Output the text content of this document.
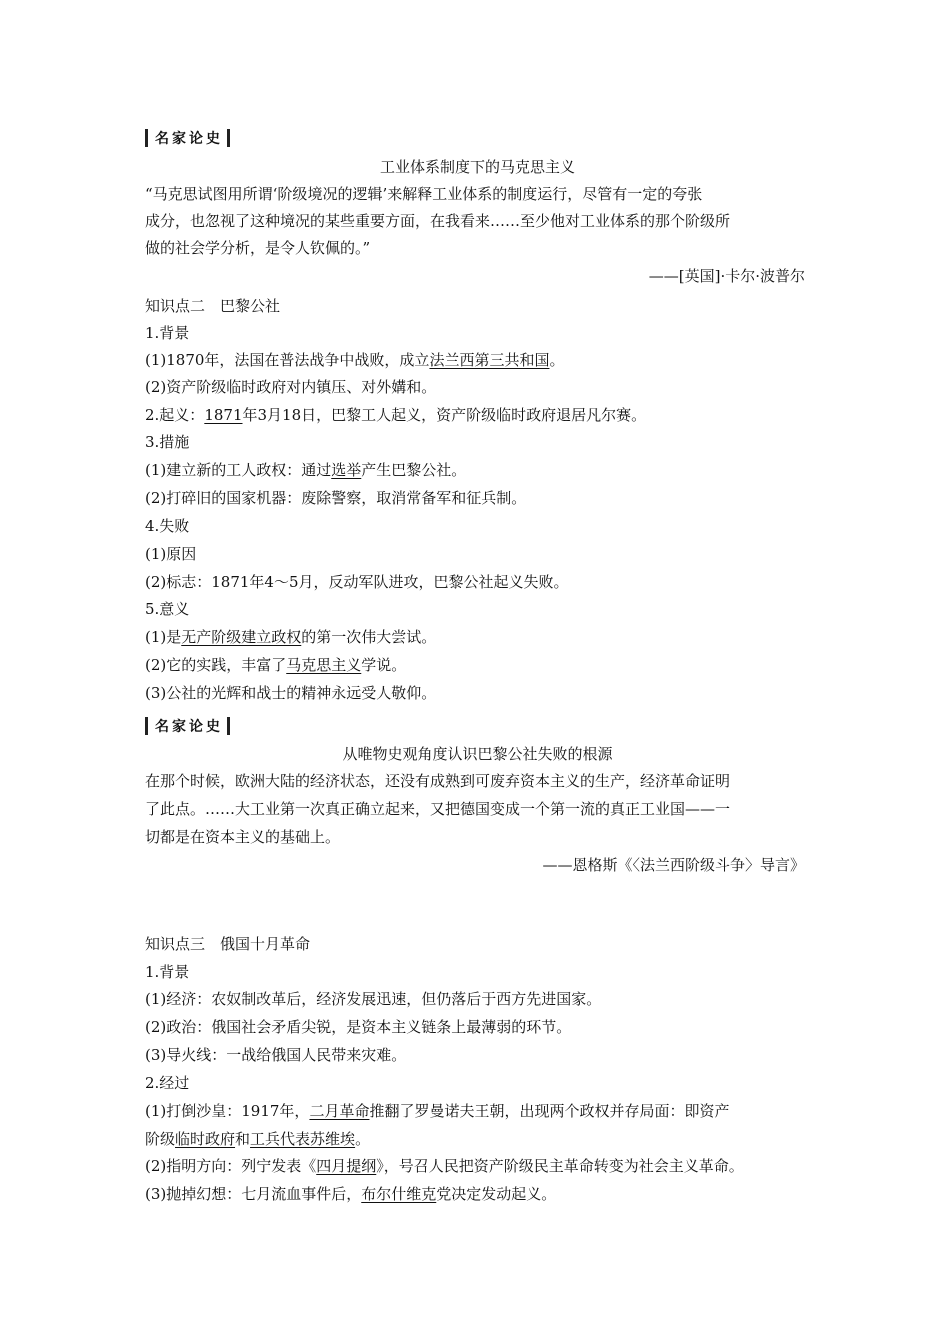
名家论史
工业体系制度下的马克思主义
“马克思试图用所谓‘阶级境况的逻辑’来解释工业体系的制度运行，尽管有一定的夸张
成分，也忽视了这种境况的某些重要方面，在我看来……至少他对工业体系的那个阶级所
做的社会学分析，是令人钦佩的。”
——[英国]·卡尔·波普尔
知识点二　巴黎公社
1.背景
(1)1870年，法国在普法战争中战败，成立法兰西第三共和国。
(2)资产阶级临时政府对内镇压、对外媾和。
2.起义：1871年3月18日，巴黎工人起义，资产阶级临时政府退居凡尔赛。
3.措施
(1)建立新的工人政权：通过选举产生巴黎公社。
(2)打碎旧的国家机器：废除警察，取消常备军和征兵制。
4.失败
(1)原因
(2)标志：1871年4～5月，反动军队进攻，巴黎公社起义失败。
5.意义
(1)是无产阶级建立政权的第一次伟大尝试。
(2)它的实践，丰富了马克思主义学说。
(3)公社的光辉和战士的精神永远受人敬仰。
名家论史
从唯物史观角度认识巴黎公社失败的根源
在那个时候，欧洲大陆的经济状态，还没有成熟到可废弃资本主义的生产，经济革命证明
了此点。……大工业第一次真正确立起来，又把德国变成一个第一流的真正工业国——一
切都是在资本主义的基础上。
——恩格斯《〈法兰西阶级斗争〉导言》
知识点三　俄国十月革命
1.背景
(1)经济：农奴制改革后，经济发展迅速，但仍落后于西方先进国家。
(2)政治：俄国社会矛盾尖锐，是资本主义链条上最薄弱的环节。
(3)导火线：一战给俄国人民带来灾难。
2.经过
(1)打倒沙皇：1917年，二月革命推翻了罗曼诺夫王朝，出现两个政权并存局面：即资产
阶级临时政府和工兵代表苏维埃。
(2)指明方向：列宁发表《四月提纲》，号召人民把资产阶级民主革命转变为社会主义革命。
(3)抛掉幻想：七月流血事件后，布尔什维克党决定发动起义。
